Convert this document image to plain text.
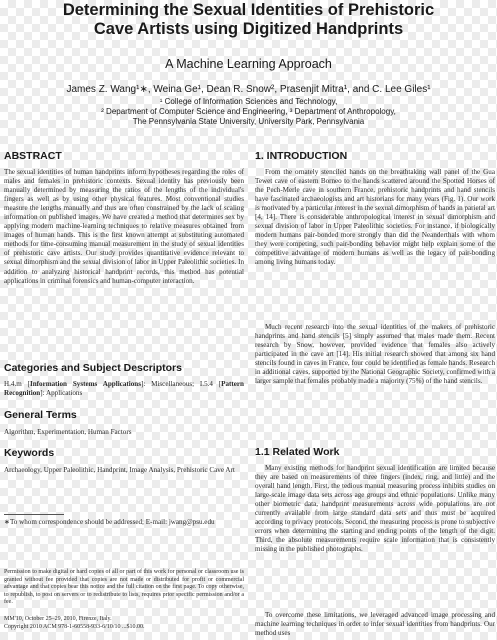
Determining the Sexual Identities of Prehistoric
Cave Artists using Digitized Handprints
A Machine Learning Approach
James Z. Wang¹∗, Weina Ge¹, Dean R. Snow², Prasenjit Mitra¹, and C. Lee Giles¹
¹ College of Information Sciences and Technology,
² Department of Computer Science and Engineering, ³ Department of Anthropology,
The Pennsylvania State University, University Park, Pennsylvania
ABSTRACT
The sexual identities of human handprints inform hypotheses regarding the roles of males and females in prehistoric contexts. Sexual identity has previously been manually determined by measuring the ratios of the lengths of the individual's fingers as well as by using other physical features. Most conventional studies measure the lengths manually and thus are often constrained by the lack of scaling information on published images. We have created a method that determines sex by applying modern machine-learning techniques to relative measures obtained from images of human hands. This is the first known attempt at substituting automated methods for time-consuming manual measurement in the study of sexual identities of prehistoric cave artists. Our study provides quantitative evidence relevant to sexual dimorphism and the sexual division of labor in Upper Paleolithic societies. In addition to analyzing historical handprint records, this method has potential applications in criminal forensics and human-computer interaction.
Categories and Subject Descriptors
H.4.m [Information Systems Applications]: Miscellaneous; I.5.4 [Pattern Recognition]: Applications
General Terms
Algorithm, Experimentation, Human Factors
Keywords
Archaeology, Upper Paleolithic, Handprint, Image Analysis, Prehistoric Cave Art
∗To whom correspondence should be addressed; E-mail: jwang@psu.edu
Permission to make digital or hard copies of all or part of this work for personal or classroom use is granted without fee provided that copies are not made or distributed for profit or commercial advantage and that copies bear this notice and the full citation on the first page. To copy otherwise, to republish, to post on servers or to redistribute to lists, requires prior specific permission and/or a fee.
MM'10, October 25–29, 2010, Firenze, Italy.
Copyright 2010 ACM 978-1-60558-933-6/10/10 ...$10.00.
1. INTRODUCTION
From the ornately stenciled hands on the breathtaking wall panel of the Gua Tewet cave of eastern Borneo to the hands scattered around the Spotted Horses of the Pech-Merle cave in southern France, prehistoric handprints and hand stencils have fascinated archaeologists and art historians for many years (Fig. 1). Our work is motivated by a particular interest in the sexual dimorphism of hands in parietal art [4, 14]. There is considerable anthropological interest in sexual dimorphism and sexual division of labor in Upper Paleolithic societies. For instance, if biologically modern humans pair-bonded more strongly than did the Neanderthals with whom they were competing, such pair-bonding behavior might help explain some of the competitive advantage of modern humans as well as the legacy of pair-bonding among living humans today.
Much recent research into the sexual identities of the makers of prehistoric handprints and hand stencils [5] simply assumed that males made them. Recent research by Snow, however, provided evidence that females also actively participated in the cave art [14]. His initial research showed that among six hand stencils found in caves in France, four could be identified as female hands. Research in additional caves, supported by the National Geographic Society, confirmed with a larger sample that females probably made a majority (75%) of the hand stencils.
1.1 Related Work
Many existing methods for handprint sexual identification are limited because they are based on measurements of three fingers (index, ring, and little) and the overall hand length. First, the tedious manual measuring process inhibits studies on large-scale image data sets across age groups and ethnic populations. Unlike many other biometric data, handprint measurements across wide populations are not currently available from large standard data sets and thus must be acquired according to privacy protocols. Second, the measuring process is prone to subjective errors when determining the starting and ending points of the length of the digit. Third, the absolute measurements require scale information that is consistently missing in the published photographs.
To overcome these limitations, we leveraged advanced image processing and machine learning techniques in order to infer sexual identities from handprints. Our method uses
